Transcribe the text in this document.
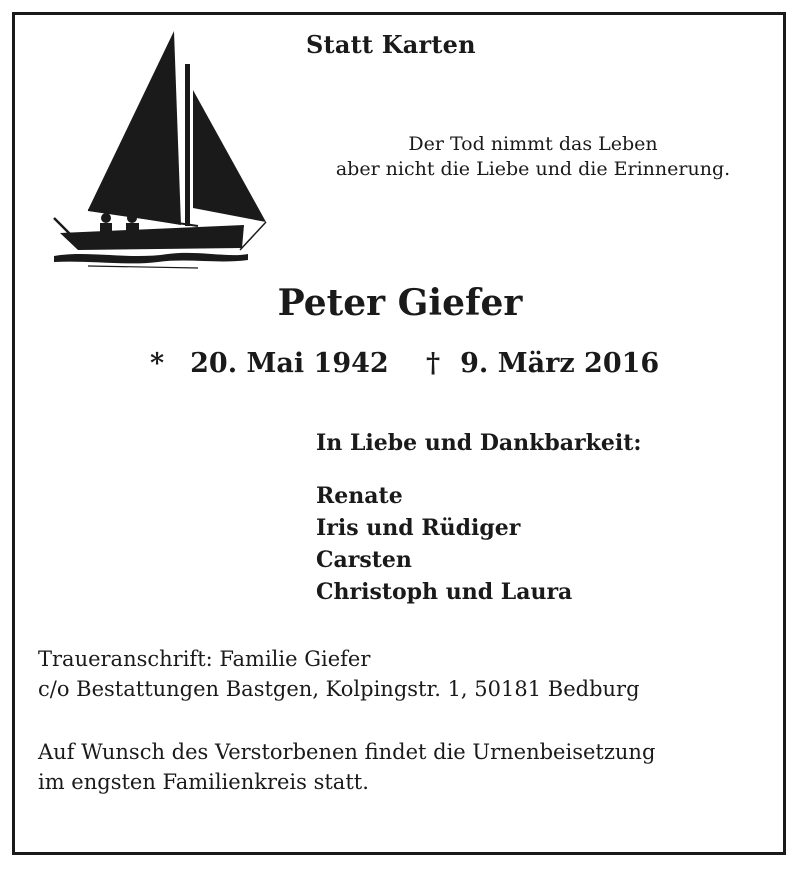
Statt Karten
Der Tod nimmt das Leben
aber nicht die Liebe und die Erinnerung.
Peter Giefer
* 20. Mai 1942 † 9. März 2016
In Liebe und Dankbarkeit:
Renate
Iris und Rüdiger
Carsten
Christoph und Laura
Traueranschrift: Familie Giefer
c/o Bestattungen Bastgen, Kolpingstr. 1, 50181 Bedburg
Auf Wunsch des Verstorbenen findet die Urnenbeisetzung
im engsten Familienkreis statt.
